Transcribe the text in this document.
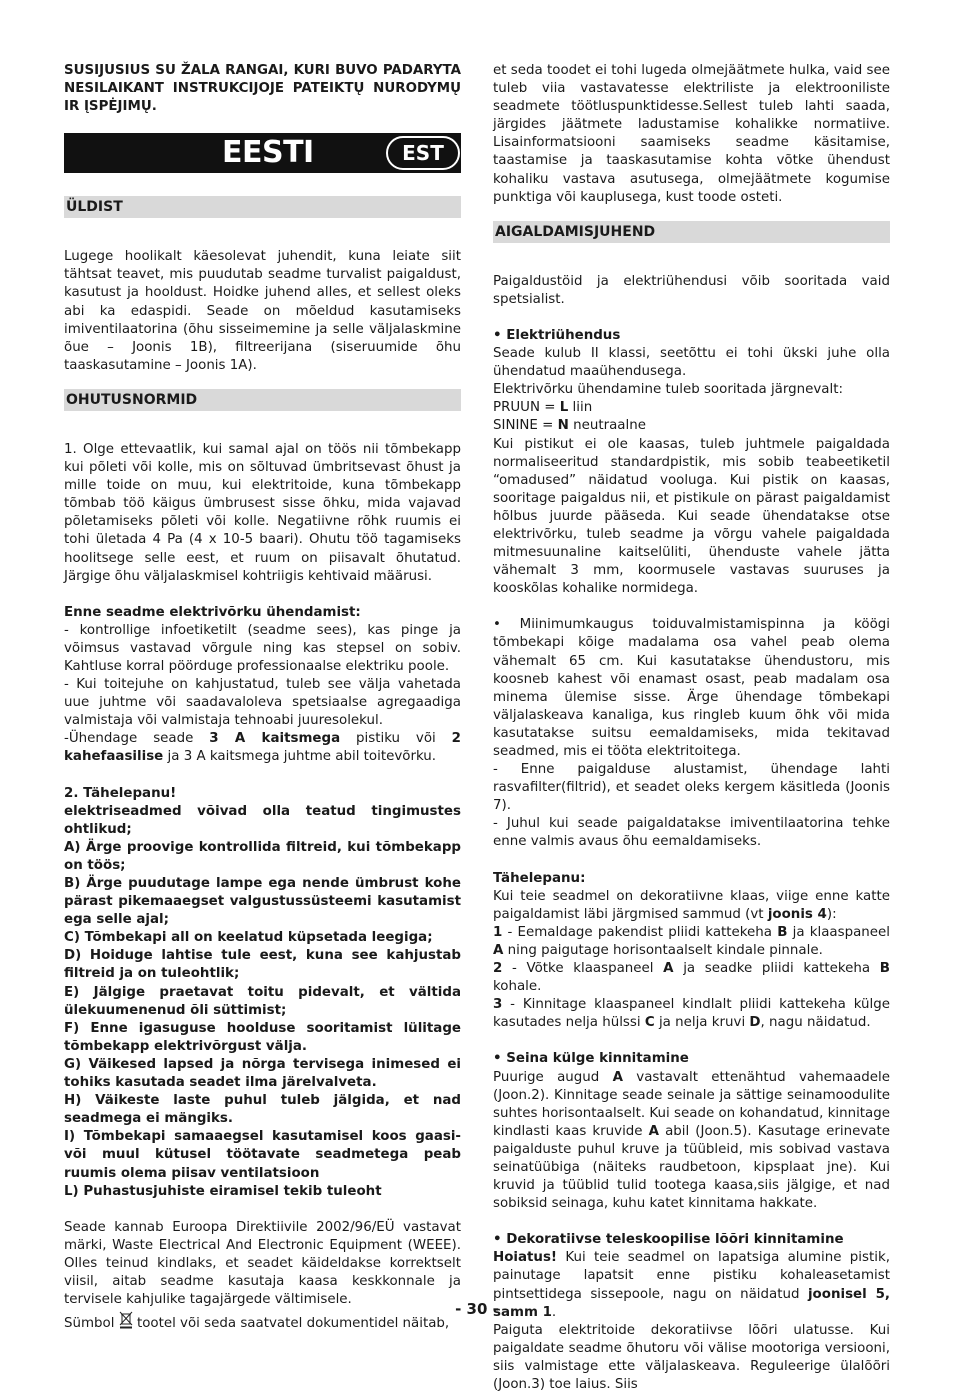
SUSIJUSIUS SU ŽALA RANGAI, KURI BUVO PADARYTA NESILAIKANT INSTRUKCIJOJE PATEIKTŲ NURODYMŲ IR ĮSPĖJIMŲ.

EESTI	EST
ÜLDIST

Lugege hoolikalt käesolevat juhendit, kuna leiate siit tähtsat teavet, mis puudutab seadme turvalist paigaldust, kasutust ja hooldust. Hoidke juhend alles, et sellest oleks abi ka edaspidi. Seade on mõeldud kasutamiseks imiventilaatorina (õhu sisseimemine ja selle väljalaskmine õue – Joonis 1B), filtreerijana (siseruumide õhu taaskasutamine – Joonis 1A).

OHUTUSNORMID

1. Olge ettevaatlik, kui samal ajal on töös nii tõmbekapp kui põleti või kolle, mis on sõltuvad ümbritsevast õhust ja mille toide on muu, kui elektritoide, kuna tõmbekapp tõmbab töö käigus ümbrusest sisse õhku, mida vajavad põletamiseks põleti või kolle. Negatiivne rõhk ruumis ei tohi ületada 4 Pa (4 x 10-5 baari). Ohutu töö tagamiseks hoolitsege selle eest, et ruum on piisavalt õhutatud. Järgige õhu väljalaskmisel kohtriigis kehtivaid määrusi.

Enne seadme elektrivõrku ühendamist:

- kontrollige infoetiketilt (seadme sees), kas pinge ja võimsus vastavad võrgule ning kas stepsel on sobiv. Kahtluse korral pöörduge professionaalse elektriku poole.

- Kui toitejuhe on kahjustatud, tuleb see välja vahetada uue juhtme või saadavaloleva spetsiaalse agregaadiga valmistaja või valmistaja tehnoabi juuresolekul.

-Ühendage seade 3 A kaitsmega pistiku või 2 kahefaasilise ja 3 A kaitsmega juhtme abil toitevõrku.

2. Tähelepanu!

elektriseadmed võivad olla teatud tingimustes ohtlikud;

A) Ärge proovige kontrollida filtreid, kui tõmbekapp on töös;

B) Ärge puudutage lampe ega nende ümbrust kohe pärast pikemaaegset valgustussüsteemi kasutamist ega selle ajal;

C) Tõmbekapi all on keelatud küpsetada leegiga;

D) Hoiduge lahtise tule eest, kuna see kahjustab filtreid ja on tuleohtlik;

E) Jälgige praetavat toitu pidevalt, et vältida ülekuumenenud õli süttimist;

F) Enne igasuguse hoolduse sooritamist lülitage tõmbekapp elektrivõrgust välja.

G) Väikesed lapsed ja nõrga tervisega inimesed ei tohiks kasutada seadet ilma järelvalveta.

H) Väikeste laste puhul tuleb jälgida, et nad seadmega ei mängiks.

I) Tõmbekapi samaaegsel kasutamisel koos gaasi- või muul kütusel töötavate seadmetega peab ruumis olema piisav ventilatsioon

L) Puhastusjuhiste eiramisel tekib tuleoht

Seade kannab Euroopa Direktiivile 2002/96/EÜ vastavat märki, Waste Electrical And Electronic Equipment (WEEE). Olles teinud kindlaks, et seadet käideldakse korrektselt viisil, aitab seadme kasutaja kaasa keskkonnale ja tervisele kahjulike tagajärgede vältimisele.

Sümbol  tootel või seda saatvatel dokumentidel näitab,

et seda toodet ei tohi lugeda olmejäätmete hulka, vaid see tuleb viia vastavatesse elektriliste ja elektrooniliste seadmete töötluspunktidesse.Sellest tuleb lahti saada, järgides jäätmete ladustamise kohalikke normatiive. Lisainformatsiooni saamiseks seadme käsitamise, taastamise ja taaskasutamise kohta võtke ühendust kohaliku vastava asutusega, olmejäätmete kogumise punktiga või kauplusega, kust toode osteti.

AIGALDAMISJUHEND

Paigaldustöid ja elektriühendusi võib sooritada vaid spetsialist.

• Elektriühendus

Seade kulub II klassi, seetõttu ei tohi ükski juhe olla ühendatud maaühendusega.

Elektrivõrku ühendamine tuleb sooritada järgnevalt:

PRUUN = L liin

SININE = N neutraalne

Kui pistikut ei ole kaasas, tuleb juhtmele paigaldada normaliseeritud standardpistik, mis sobib teabeetiketil “omadused” näidatud vooluga. Kui pistik on kaasas, sooritage paigaldus nii, et pistikule on pärast paigaldamist hõlbus juurde pääseda. Kui seade ühendatakse otse elektrivõrku, tuleb seadme ja võrgu vahele paigaldada mitmesuunaline kaitselüliti, ühenduste vahele jätta vähemalt 3 mm, koormusele vastavas suuruses ja kooskõlas kohalike normidega.

• Miinimumkaugus toiduvalmistamispinna ja köögi tõmbekapi kõige madalama osa vahel peab olema vähemalt 65 cm. Kui kasutatakse ühendustoru, mis koosneb kahest või enamast osast, peab madalam osa minema ülemise sisse. Ärge ühendage tõmbekapi väljalaskeava kanaliga, kus ringleb kuum õhk või mida kasutatakse suitsu eemaldamiseks, mida tekitavad seadmed, mis ei tööta elektritoitega.

- Enne paigalduse alustamist, ühendage lahti rasvafilter(filtrid), et seadet oleks kergem käsitleda (Joonis 7).

- Juhul kui seade paigaldatakse imiventilaatorina tehke enne valmis avaus õhu eemaldamiseks.

Tähelepanu:

Kui teie seadmel on dekoratiivne klaas, viige enne katte paigaldamist läbi järgmised sammud (vt joonis 4):

1 - Eemaldage pakendist pliidi kattekeha B ja klaaspaneel A ning paigutage horisontaalselt kindale pinnale.

2 - Võtke klaaspaneel A ja seadke pliidi kattekeha B kohale.

3 - Kinnitage klaaspaneel kindlalt pliidi kattekeha külge kasutades nelja hülssi C ja nelja kruvi D, nagu näidatud.

• Seina külge kinnitamine

Puurige augud A vastavalt ettenähtud vahemaadele (Joon.2). Kinnitage seade seinale ja sättige seinamoodulite suhtes horisontaalselt. Kui seade on kohandatud, kinnitage kindlasti kaas kruvide A abil (Joon.5). Kasutage erinevate paigalduste puhul kruve ja tüübleid, mis sobivad vastava seinatüübiga (näiteks raudbetoon, kipsplaat jne). Kui kruvid ja tüüblid tulid tootega kaasa,siis jälgige, et nad sobiksid seinaga, kuhu katet kinnitama hakkate.

• Dekoratiivse teleskoopilise lõõri kinnitamine

Hoiatus! Kui teie seadmel on lapatsiga alumine pistik, painutage lapatsit enne pistiku kohaleasetamist pintsettidega sissepoole, nagu on näidatud joonisel 5, samm 1.

Paiguta elektritoide dekoratiivse lõõri ulatusse. Kui paigaldate seadme õhutoru või välise mootoriga versiooni, siis valmistage ette väljalaskeava. Reguleerige ülalõõri (Joon.3) toe laius. Siis

- 30 -
